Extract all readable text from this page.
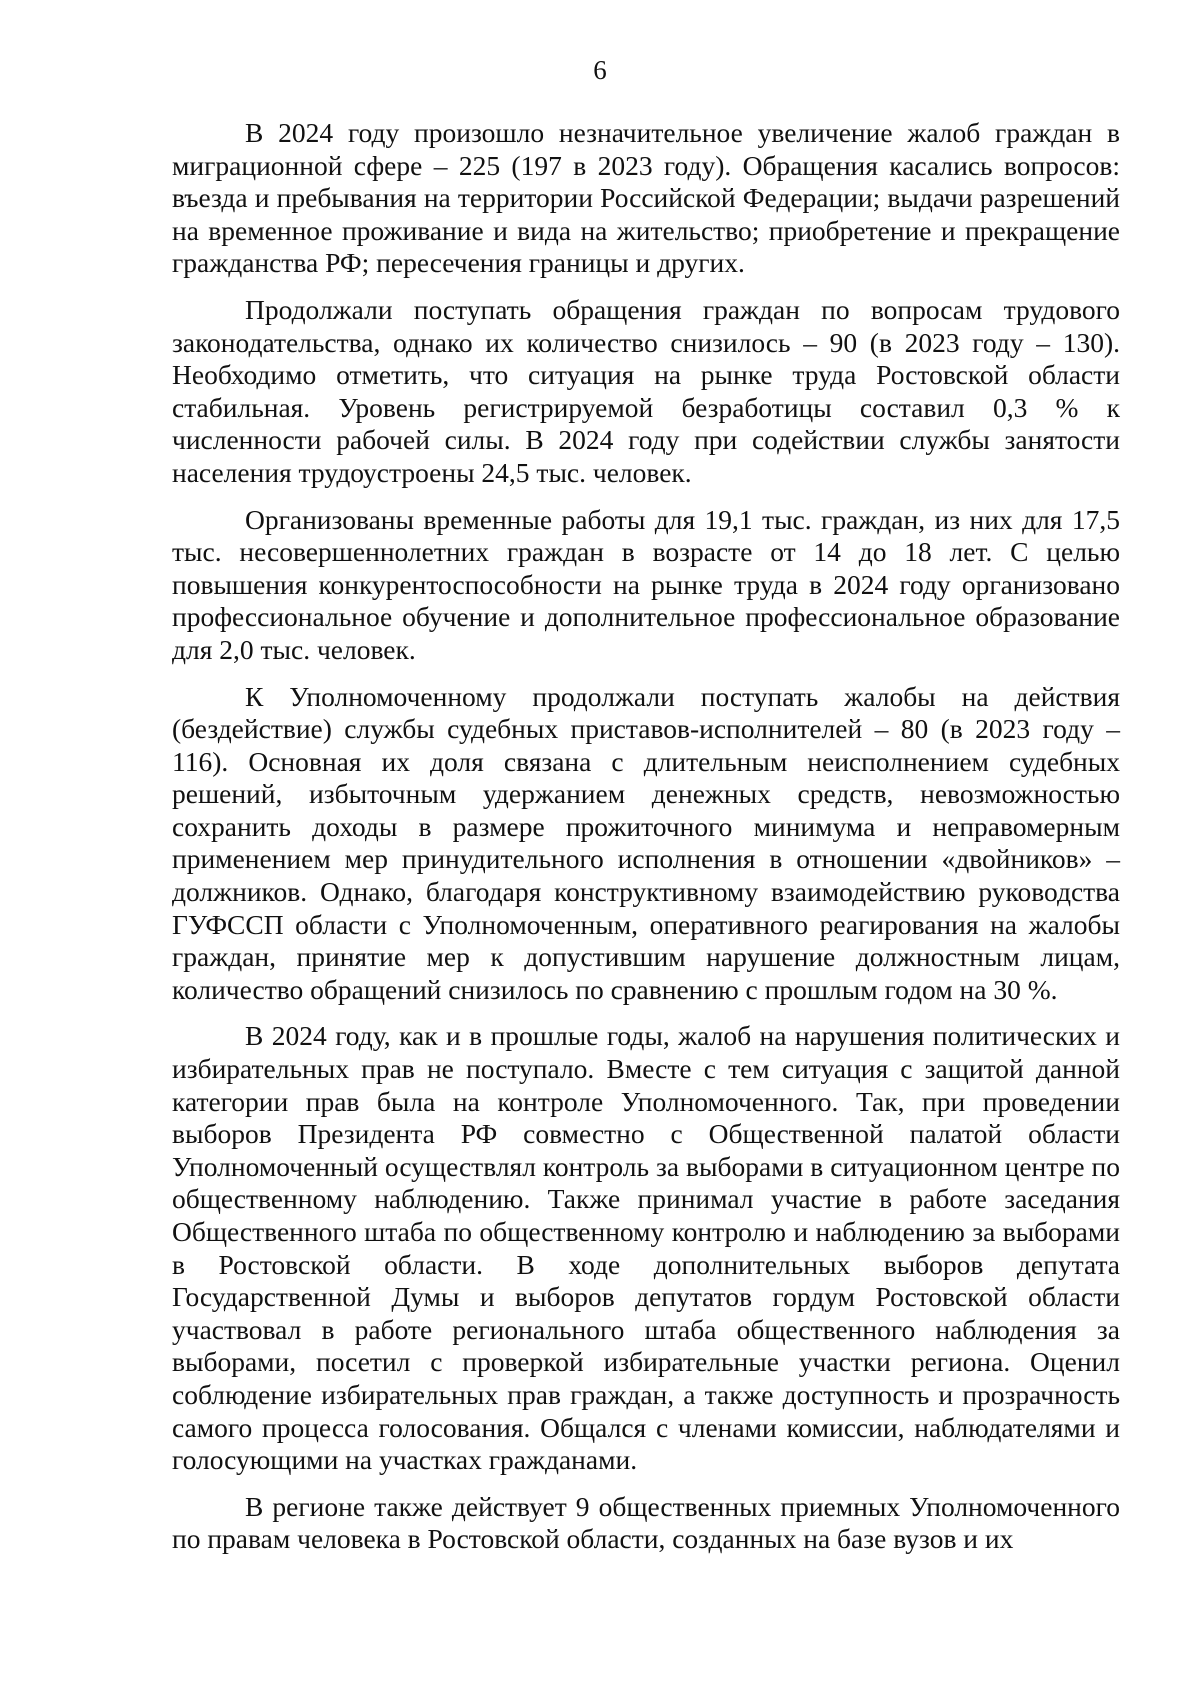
6

В 2024 году произошло незначительное увеличение жалоб граждан в миграционной сфере – 225 (197 в 2023 году). Обращения касались вопросов: въезда и пребывания на территории Российской Федерации; выдачи разрешений на временное проживание и вида на жительство; приобретение и прекращение гражданства РФ; пересечения границы и других.

Продолжали поступать обращения граждан по вопросам трудового законодательства, однако их количество снизилось – 90 (в 2023 году – 130). Необходимо отметить, что ситуация на рынке труда Ростовской области стабильная. Уровень регистрируемой безработицы составил 0,3 % к численности рабочей силы. В 2024 году при содействии службы занятости населения трудоустроены 24,5 тыс. человек.

Организованы временные работы для 19,1 тыс. граждан, из них для 17,5 тыс. несовершеннолетних граждан в возрасте от 14 до 18 лет. С целью повышения конкурентоспособности на рынке труда в 2024 году организовано профессиональное обучение и дополнительное профессиональное образование для 2,0 тыс. человек.

К Уполномоченному продолжали поступать жалобы на действия (бездействие) службы судебных приставов-исполнителей – 80 (в 2023 году –116). Основная их доля связана с длительным неисполнением судебных решений, избыточным удержанием денежных средств, невозможностью сохранить доходы в размере прожиточного минимума и неправомерным применением мер принудительного исполнения в отношении «двойников» – должников. Однако, благодаря конструктивному взаимодействию руководства ГУФССП области с Уполномоченным, оперативного реагирования на жалобы граждан, принятие мер к допустившим нарушение должностным лицам, количество обращений снизилось по сравнению с прошлым годом на 30 %.

В 2024 году, как и в прошлые годы, жалоб на нарушения политических и избирательных прав не поступало. Вместе с тем ситуация с защитой данной категории прав была на контроле Уполномоченного. Так, при проведении выборов Президента РФ совместно с Общественной палатой области Уполномоченный осуществлял контроль за выборами в ситуационном центре по общественному наблюдению. Также принимал участие в работе заседания Общественного штаба по общественному контролю и наблюдению за выборами в Ростовской области. В ходе дополнительных выборов депутата Государственной Думы и выборов депутатов гордум Ростовской области участвовал в работе регионального штаба общественного наблюдения за выборами, посетил с проверкой избирательные участки региона. Оценил соблюдение избирательных прав граждан, а также доступность и прозрачность самого процесса голосования. Общался с членами комиссии, наблюдателями и голосующими на участках гражданами.

В регионе также действует 9 общественных приемных Уполномоченного по правам человека в Ростовской области, созданных на базе вузов и их
